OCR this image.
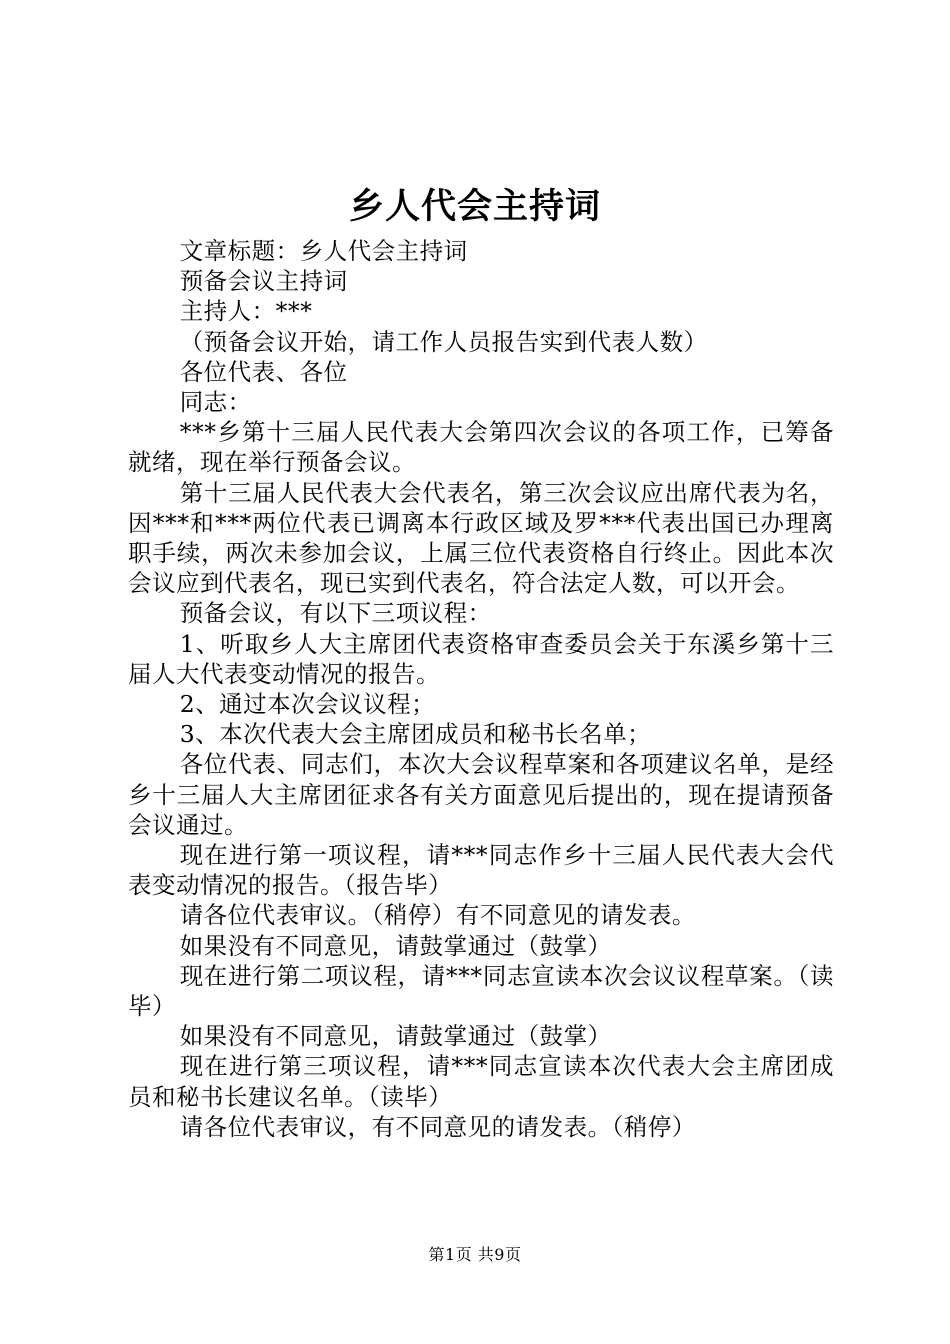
乡人代会主持词

文章标题：乡人代会主持词

预备会议主持词

主持人：***

（预备会议开始，请工作人员报告实到代表人数）

各位代表、各位

同志：

***乡第十三届人民代表大会第四次会议的各项工作，已筹备就绪，现在举行预备会议。

第十三届人民代表大会代表名，第三次会议应出席代表为名，因***和***两位代表已调离本行政区域及罗***代表出国已办理离职手续，两次未参加会议，上属三位代表资格自行终止。因此本次会议应到代表名，现已实到代表名，符合法定人数，可以开会。

预备会议，有以下三项议程：

1、听取乡人大主席团代表资格审查委员会关于东溪乡第十三届人大代表变动情况的报告。

2、通过本次会议议程；

3、本次代表大会主席团成员和秘书长名单；

各位代表、同志们，本次大会议程草案和各项建议名单，是经乡十三届人大主席团征求各有关方面意见后提出的，现在提请预备会议通过。

现在进行第一项议程，请***同志作乡十三届人民代表大会代表变动情况的报告。（报告毕）

请各位代表审议。（稍停）有不同意见的请发表。

如果没有不同意见，请鼓掌通过（鼓掌）

现在进行第二项议程，请***同志宣读本次会议议程草案。（读毕）

如果没有不同意见，请鼓掌通过（鼓掌）

现在进行第三项议程，请***同志宣读本次代表大会主席团成员和秘书长建议名单。（读毕）

请各位代表审议，有不同意见的请发表。（稍停）

第1页 共9页
